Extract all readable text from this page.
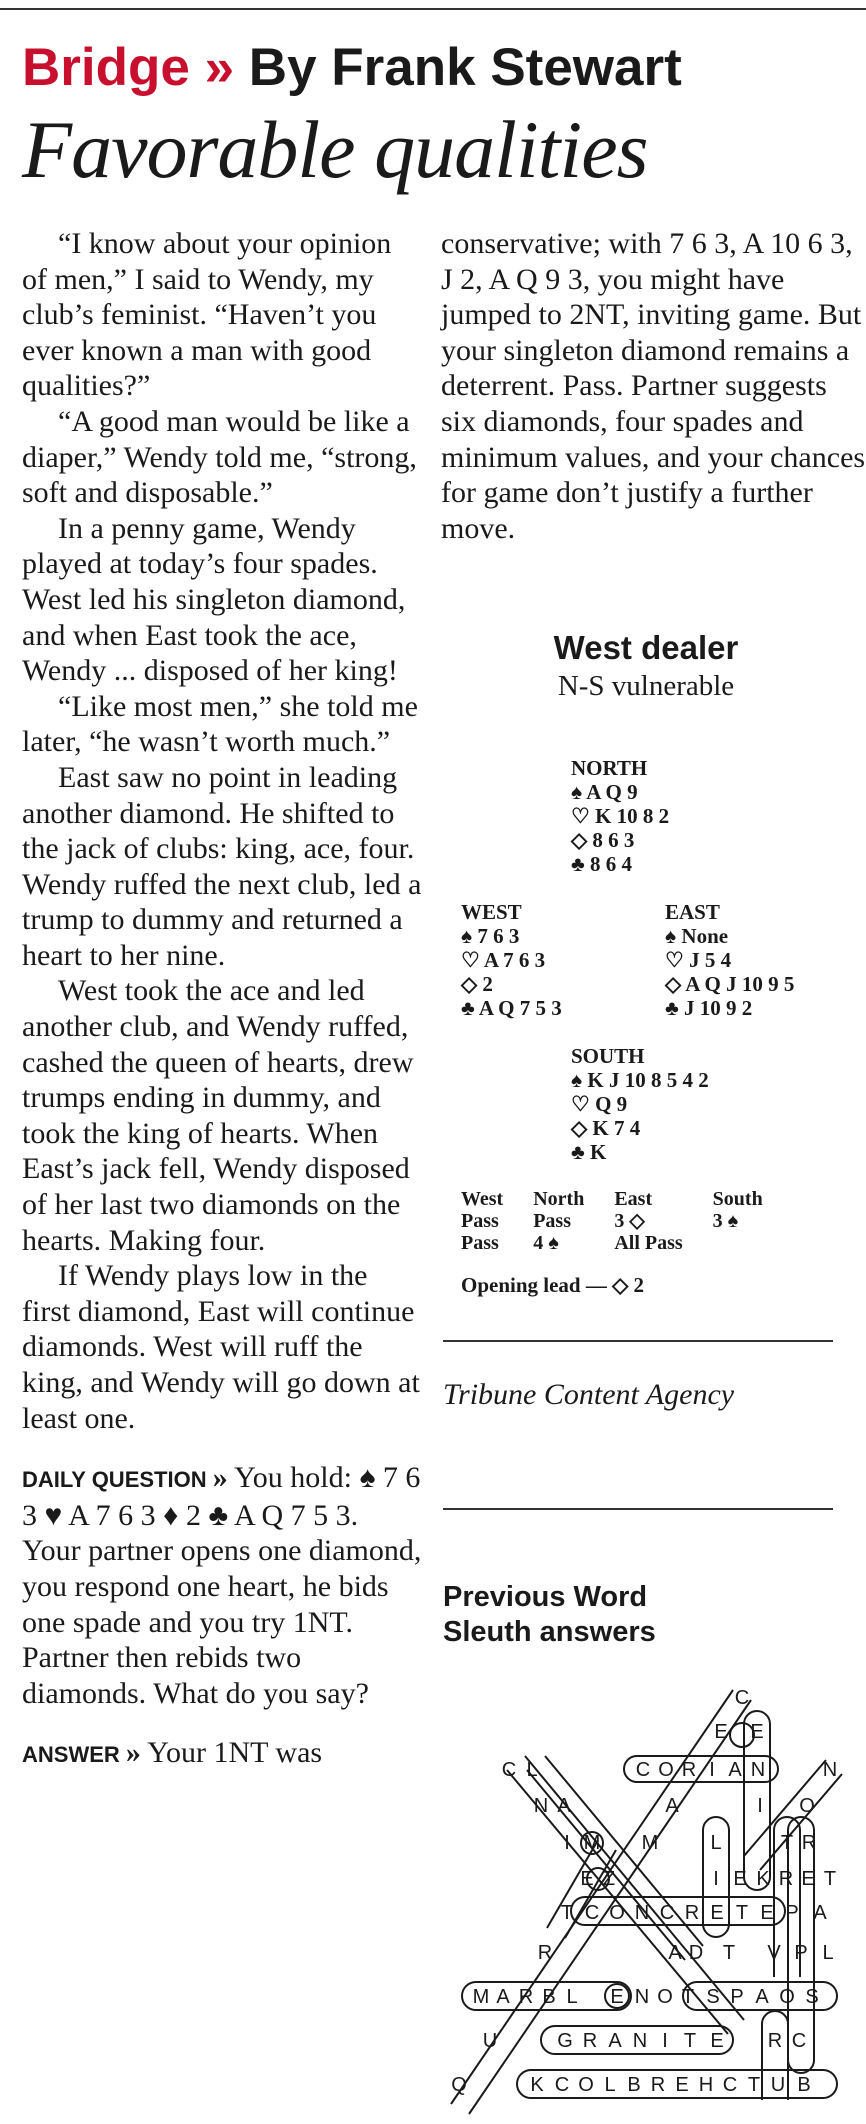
Bridge » By Frank Stewart
Favorable qualities

“I know about your opinion of men,” I said to Wendy, my club’s feminist. “Haven’t you ever known a man with good qualities?”

“A good man would be like a diaper,” Wendy told me, “strong, soft and disposable.”

In a penny game, Wendy played at today’s four spades. West led his singleton diamond, and when East took the ace, Wendy ... disposed of her king!

“Like most men,” she told me later, “he wasn’t worth much.”

East saw no point in leading another diamond. He shifted to the jack of clubs: king, ace, four. Wendy ruffed the next club, led a trump to dummy and returned a heart to her nine.

West took the ace and led another club, and Wendy ruffed, cashed the queen of hearts, drew trumps ending in dummy, and took the king of hearts. When East’s jack fell, Wendy disposed of her last two diamonds on the hearts. Making four.

If Wendy plays low in the first diamond, East will continue diamonds. West will ruff the king, and Wendy will go down at least one.

DAILY QUESTION » You hold: ♠ 7 6 3 ♥ A 7 6 3 ♦ 2 ♣ A Q 7 5 3. Your partner opens one diamond, you respond one heart, he bids one spade and you try 1NT. Partner then rebids two diamonds. What do you say?

ANSWER » Your 1NT was

conservative; with 7 6 3, A 10 6 3, J 2, A Q 9 3, you might have jumped to 2NT, inviting game. But your singleton diamond remains a deterrent. Pass. Partner suggests six diamonds, four spades and minimum values, and your chances for game don’t justify a further move.

West dealer
N-S vulnerable
NORTH
♠ A Q 9
♡ K 10 8 2
◇ 8 6 3
♣ 8 6 4
WEST
♠ 7 6 3
♡ A 7 6 3
◇ 2
♣ A Q 7 5 3
EAST
♠ None
♡ J 5 4
◇ A Q J 10 9 5
♣ J 10 9 2
SOUTH
♠ K J 10 8 5 4 2
♡ Q 9
◇ K 7 4
♣ K
West	North	East	South
Pass	Pass	3 ◇	3 ♠
Pass	4 ♠	All Pass	
Opening lead — ◇ 2
Tribune Content Agency
Previous Word
Sleuth answers
C
E E
C L	C O R I A N	N
N A	A	I O
I M M	L	T R
E Z	I E K R E T
T C O N C R E T E P A
R	A D T V P L
M A R B L E N O T S P A O S
U	G R A N I T E R C
Q	K C O L B R E H C T U B
